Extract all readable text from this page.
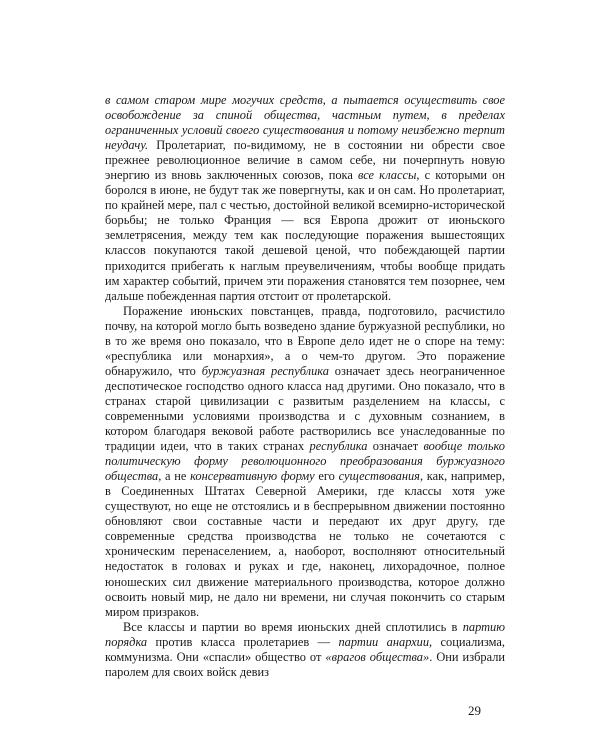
в самом старом мире могучих средств, а пытается осуществить свое освобождение за спиной общества, частным путем, в пределах ограниченных условий своего существования и потому неизбежно терпит неудачу. Пролетариат, по-видимому, не в состоянии ни обрести свое прежнее революционное величие в самом себе, ни почерпнуть новую энергию из вновь заключенных союзов, пока все классы, с которыми он боролся в июне, не будут так же повергнуты, как и он сам. Но пролетариат, по крайней мере, пал с честью, достойной великой всемирно-исторической борьбы; не только Франция — вся Европа дрожит от июньского землетрясения, между тем как последующие поражения вышестоящих классов покупаются такой дешевой ценой, что побеждающей партии приходится прибегать к наглым преувеличениям, чтобы вообще придать им характер событий, причем эти поражения становятся тем позорнее, чем дальше побежденная партия отстоит от пролетарской.

Поражение июньских повстанцев, правда, подготовило, расчистило почву, на которой могло быть возведено здание буржуазной республики, но в то же время оно показало, что в Европе дело идет не о споре на тему: «республика или монархия», а о чем-то другом. Это поражение обнаружило, что буржуазная республика означает здесь неограниченное деспотическое господство одного класса над другими. Оно показало, что в странах старой цивилизации с развитым разделением на классы, с современными условиями производства и с духовным сознанием, в котором благодаря вековой работе растворились все унаследованные по традиции идеи, что в таких странах республика означает вообще только политическую форму революционного преобразования буржуазного общества, а не консервативную форму его существования, как, например, в Соединенных Штатах Северной Америки, где классы хотя уже существуют, но еще не отстоялись и в беспрерывном движении постоянно обновляют свои составные части и передают их друг другу, где современные средства производства не только не сочетаются с хроническим перенаселением, а, наоборот, восполняют относительный недостаток в головах и руках и где, наконец, лихорадочное, полное юношеских сил движение материального производства, которое должно освоить новый мир, не дало ни времени, ни случая покончить со старым миром призраков.

Все классы и партии во время июньских дней сплотились в партию порядка против класса пролетариев — партии анархии, социализма, коммунизма. Они «спасли» общество от «врагов общества». Они избрали паролем для своих войск девиз

29
